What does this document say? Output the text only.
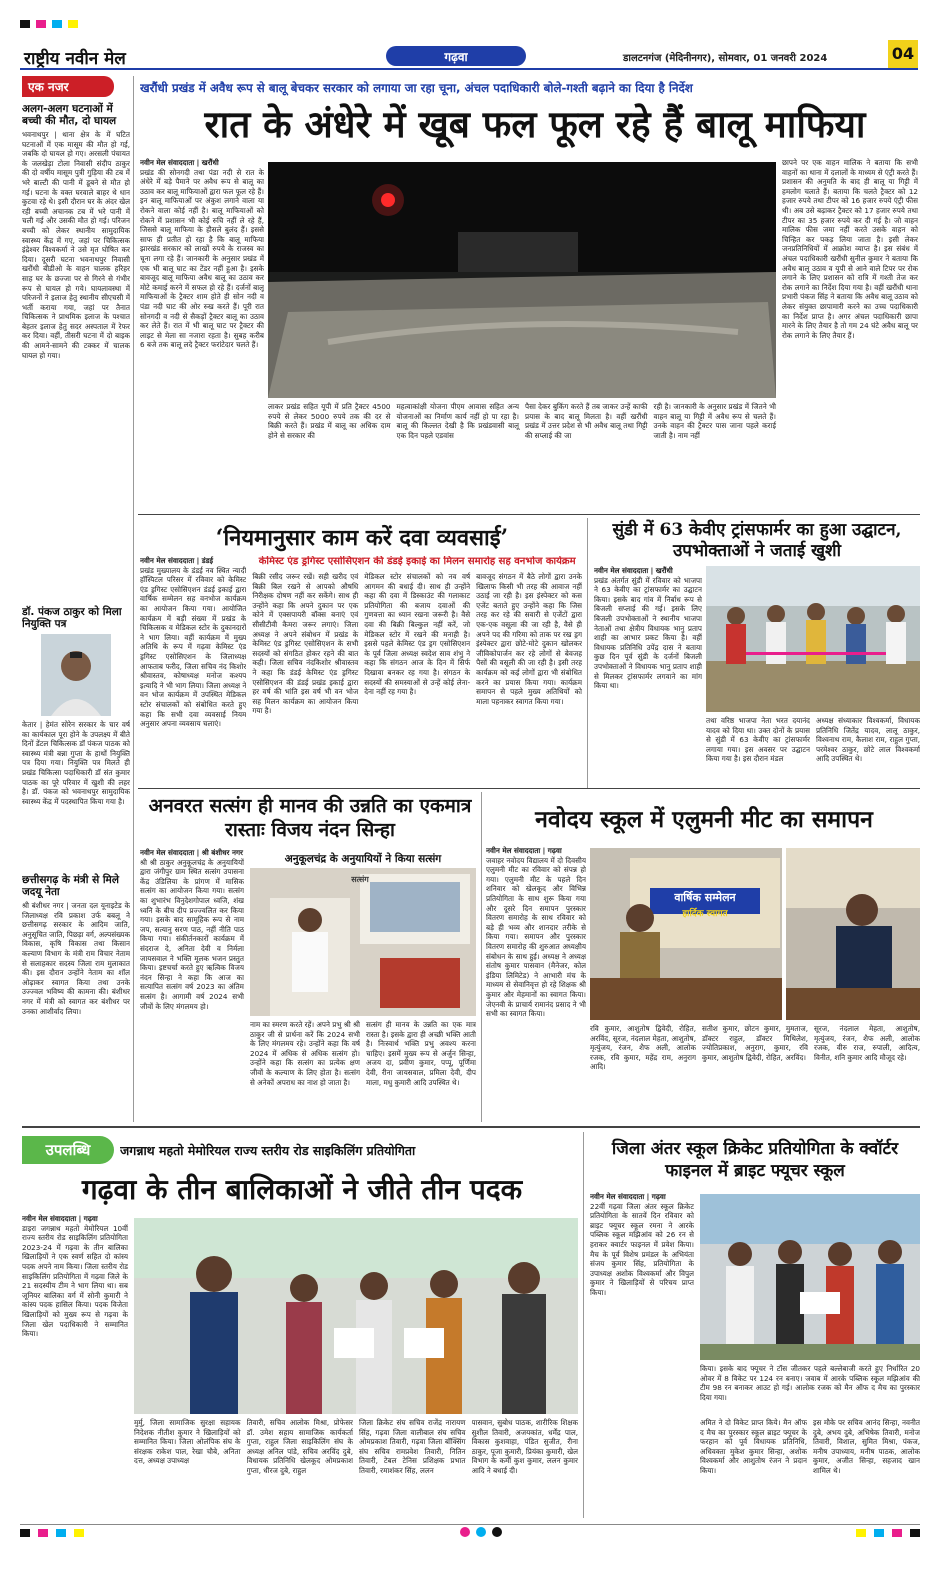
राष्ट्रीय नवीन मेल	गढ़वा	डालटनगंज (मेदिनीनगर), सोमवार, 01 जनवरी 2024	04
एक नजर
अलग-अलग घटनाओं में बच्ची की मौत, दो घायल
भवनाथपुर | थाना क्षेत्र के में घटित घटनाओं में एक मासूम की मौत हो गई, जबकि दो घायल हो गए। अरसली पंचायत के जलखेड़ा टोला निवासी संदीप ठाकुर की दो वर्षीय मासूम पुत्री गुड़िया की टब में भरे बाल्टी की पानी में डूबने से मौत हो गई। घटना के वक्त घरवाले बाहर थे धान कुटवा रहे थे। इसी दौरान घर के अंदर खेल रही बच्ची अचानक टब में भरे पानी में चली गई और उसकी मौत हो गई। परिजन बच्ची को लेकर स्थानीय सामुदायिक स्वास्थ्य केंद्र में गए, जहां पर चिकित्सक इंद्रेश्वर विश्वकर्मा ने उसे मृत घोषित कर दिया। दूसरी घटना भवनाथपुर निवासी खरौंधी बीडीओ के वाहन चालक हरिहर साह घर के छज्जा पर से गिरने से गंभीर रूप से घायल हो गये। घायलावस्था में परिजनों ने इलाज हेतु स्थानीय सीएचसी में भर्ती कराया गया, जहां पर तैनात चिकित्सक ने प्राथमिक इलाज के पश्चात बेहतर इलाज हेतु सदर अस्पताल में रेफर कर दिया। वहीं, तीसरी घटना में दो बाइक की आमने-सामने की टक्कर में चालक घायल हो गया।
डॉ. पंकज ठाकुर को मिला नियुक्ति पत्र
केतार | हेमंत सोरेन सरकार के चार वर्ष का कार्यकाल पूरा होने के उपलक्ष्य में बीते दिनों डेंटल चिकित्सक डॉ पंकज पाठक को स्वास्थ्य मंत्री बन्ना गुप्ता के हाथों नियुक्ति पत्र दिया गया। नियुक्ति पत्र मिलते ही प्रखंड चिकित्सा पदाधिकारी डॉ संत कुमार पाठक का पूरे परिवार में खुशी की लहर है। डॉ. पंकज को भवनाथपुर सामुदायिक स्वास्थ्य केंद्र में पदस्थापित किया गया है।
छत्तीसगढ़ के मंत्री से मिले जदयू नेता
श्री बंशीधर नगर | जनता दल यूनाइटेड के जिलाध्यक्ष रवि प्रकाश उर्फ बबलू ने छत्तीसगढ़ सरकार के आदिम जाति, अनुसूचित जाति, पिछड़ा वर्ग, अल्पसंख्यक विकास, कृषि विकास तथा किसान कल्याण विभाग के मंत्री राम विचार नेताम से सलाहकार सदस्य जिला राम मुलाकात की। इस दौरान उन्होंने नेताम का शॉल ओढ़ाकर स्वागत किया तथा उनके उज्ज्वल भविष्य की कामना की। बंशीधर नगर में मंत्री को स्वागत कर बंशीधर पर उनका आशीर्वाद लिया।
खरौंधी प्रखंड में अवैध रूप से बालू बेचकर सरकार को लगाया जा रहा चूना, अंचल पदाधिकारी बोले-गश्ती बढ़ाने का दिया है निर्देश
रात के अंधेरे में खूब फल फूल रहे हैं बालू माफिया
नवीन मेल संवाददाता | खरौंधी
प्रखंड की सोनगदी तथा पंडा नदी से रात के अंधेरे में बड़े पैमाने पर अवैध रूप से बालू का उठाव कर बालू माफियाओं द्वारा फल फूल रहे हैं। इन बालू माफियाओं पर अंकुश लगाने वाला या रोकने वाला कोई नहीं है। बालू माफियाओं को रोकने में प्रशासन भी कोई रुचि नहीं ले रहे हैं, जिससे बालू माफिया के हौसले बुलंद हैं। इससे साफ ही प्रतीत हो रहा है कि बालू माफिया झारखंड सरकार को लाखों रुपये के राजस्व का चूना लगा रहे हैं। जानकारी के अनुसार प्रखंड में एक भी बालू घाट का टेंडर नहीं हुआ है। इसके बावजूद बालू माफिया अवैध बालू का उठाव कर मोटे कमाई करने में सफल हो रहे हैं। दर्जनों बालू माफियाओं के ट्रैक्टर शाम होते ही सोन नदी व पंडा नदी घाट की ओर रुख करते हैं। पूरी रात सोनगदी व नदी से सैकड़ों ट्रैक्टर बालू का उठाव कर लेते हैं। रात में भी बालू घाट पर ट्रैक्टर की लाइट से मेला सा नजारा रहता है। सुबह करीब 6 बजे तक बालू लदे ट्रैक्टर फरांटेदार चलते हैं।
लाकर प्रखंड सहित यूपी में प्रति ट्रैक्टर 4500 रुपये से लेकर 5000 रुपये तक की दर से बिक्री करते हैं। प्रखंड में बालू का अधिक दाम होने से सरकार की
महत्वाकांक्षी योजना पीएम आवास सहित अन्य योजनाओं का निर्माण कार्य नहीं हो पा रहा है। बालू की किल्लत देखी है कि प्रखंडवासी बालू एक दिन पहले एडवांस
पैसा देकर बुकिंग करते हैं तब जाकर उन्हें काफी प्रयास के बाद बालू मिलता है। वहीं खरौंधी प्रखंड में उत्तर प्रदेश से भी अवैध बालू तथा गिट्टी की सप्लाई की जा
रही है। जानकारी के अनुसार प्रखंड में जितने भी वाहन बालू या गिट्टी में अवैध रूप से चलते हैं। उनके वाहन की ट्रैक्टर पास जाना पहले कराई जाती है। नाम नहीं
छापने पर एक वाहन मालिक ने बताया कि सभी वाहनों का थाना में दलालों के माध्यम से एंट्री करते हैं। प्रशासन की अनुमति के बाद ही बालू या गिट्टी में हमलोग चलाते हैं। बताया कि चलते ट्रैक्टर को 12 हजार रुपये तथा टीपर को 16 हजार रुपये एंट्री फीस थी। अब उसे बढ़ाकर ट्रैक्टर को 17 हजार रुपये तथा टीपर का 35 हजार रुपये कर दी गई है। जो वाहन मालिक फीस जमा नहीं करते उसके वाहन को चिन्हित कर पकड़ लिया जाता है। इसी लेकर जनप्रतिनिधियों में आक्रोश व्याप्त है। इस संबंध में अंचल पदाधिकारी खरौंधी सुनील कुमार ने बताया कि अवैध बालू उठाव व यूपी से आने वाले टिपर पर रोक लगाने के लिए प्रशासन को रात्रि में गश्ती तेज कर रोक लगाने का निर्देश दिया गया है। वहीं खरौंधी थाना प्रभारी पंकज सिंह ने बताया कि अवैध बालू उठाव को लेकर संयुक्त छापामारी करने का उच्च पदाधिकारी का निर्देश प्राप्त है। अगर अंचल पदाधिकारी छापा मारने के लिए तैयार है तो गम 24 घंटे अवैध बालू पर रोक लगाने के लिए तैयार हैं।
‘नियमानुसार काम करें दवा व्यवसाई’
नवीन मेल संवाददाता | डंडई
प्रखंड मुख्यालय के डंडई नव स्थित न्यादी हॉस्पिटल परिसर में रविवार को केमिस्ट एंड ड्रगिस्ट एसोसिएशन डंडई इकाई द्वारा वार्षिक सम्मेलन सह वनभोज कार्यक्रम का आयोजन किया गया। आयोजित कार्यक्रम में बड़ी संख्या में प्रखंड के चिकित्सक व मेडिकल स्टोर के दुकानदारों ने भाग लिया। वहीं कार्यक्रम में मुख्य अतिथि के रूप में गढ़वा केमिस्ट एंड ड्रगिस्ट एसोसिएशन के जिलाध्यक्ष आफताब फरीद, जिला सचिव नंद किशोर श्रीवास्तव, कोषाध्यक्ष मनोज कश्यप इत्यादि ने भी भाग लिया। जिला अध्यक्ष ने वन भोज कार्यक्रम में उपस्थित मेडिकल स्टोर संचालकों को संबोधित करते हुए कहा कि सभी दवा व्यवसाई नियम अनुसार अपना व्यवसाय चलाएं।
केमिस्ट एंड ड्रगिस्ट एसोसिएशन की डंडई इकाई का मिलन समारोह सह वनभोज कार्यक्रम
बिक्री रसीद जरूर रखें। सही खरीद एवं बिक्री बिल रखने से आपको औषधि निरीक्षक दोषण नहीं कर सकेंगे। साथ ही उन्होंने कहा कि अपने दुकान पर एक कोने में एक्सपायरी बॉक्स बनाएं एवं सीसीटीवी कैमरा जरूर लगाएं। जिला अध्यक्ष ने अपने संबोधन में प्रखंड के केमिस्ट एंड ड्रगिस्ट एसोसिएशन के सभी सदस्यों को संगठित होकर रहने की बात कही। जिला सचिव नंदकिशोर श्रीवास्तव ने कहा कि डंडई केमिस्ट एंड ड्रगिस्ट एसोसिएशन की डंडई प्रखंड इकाई द्वारा हर वर्ष की भांति इस वर्ष भी वन भोज सह मिलन कार्यक्रम का आयोजन किया गया है।
मेडिकल स्टोर संचालकों को नव वर्ष आगमन की बधाई दी। साथ ही उन्होंने कहा की दवा में डिस्काउंट की गलाकाट प्रतियोगिता की बजाय दवाओं की गुणवत्ता का ध्यान रखना जरूरी है। वैसे दवा की बिक्री बिल्कुल नहीं करें, जो मेडिकल स्टोर में रखने की मनाही है। इससे पहले केमिस्ट एंड ड्रग एसोसिएशन के पूर्व जिला अध्यक्ष स्वदेश साव शंभु ने कहा कि संगठन आज के दिन में सिर्फ दिखावा बनकर रह गया है। संगठन के सदस्यों की समस्याओं से उन्हें कोई लेना-देना नहीं रह गया है।
बावजूद संगठन में बैठे लोगों द्वारा उनके खिलाफ किसी भी तरह की आवाज नहीं उठाई जा रही है। इस इंस्पेक्टर को कस एजेंट बताते हुए उन्होंने कहा कि जिस तरह कर रहे की सवारी से एजेंटों द्वारा एक-एक वसूला की जा रही है, वैसे ही अपने पद की गरिमा को ताक पर रख ड्रग इंस्पेक्टर द्वारा छोटे-मोटे दुकान खोलकर जीविकोपार्जन कर रहे लोगों से बेवजह पैसों की वसूली की जा रही है। इसी तरह कार्यक्रम को कई लोगों द्वारा भी संबोधित करने का प्रयास किया गया। कार्यक्रम समापन से पहले मुख्य अतिथियों को माला पहनाकर स्वागत किया गया।
सुंडी में 63 केवीए ट्रांसफार्मर का हुआ उद्घाटन, उपभोक्ताओं ने जताई खुशी
नवीन मेल संवाददाता | खरौंधी
प्रखंड अंतर्गत सुंडी में रविवार को भाजपा ने 63 केवीए का ट्रांसफार्मर का उद्घाटन किया। इसके बाद गांव में निर्बाध रूप से बिजली सप्लाई की गई। इसके लिए बिजली उपभोक्ताओं ने स्थानीय भाजपा नेताओं तथा क्षेत्रीय विधायक भानु प्रताप शाही का आभार प्रकट किया है। वहीं विधायक प्रतिनिधि उपेंद्र दास ने बताया कुछ दिन पूर्व सुंडी के दर्जनों बिजली उपभोक्ताओं ने विधायक भानु प्रताप शाही से मिलकर ट्रांसफार्मर लगवाने का मांग किया था।
तथा वरिष्ठ भाजपा नेता भरत दयानंद यादव को दिया था। उक्त दोनों के प्रयास से सुंडी में 63 केवीए का ट्रांसफार्मर लगाया गया। इस अवसर पर उद्घाटन किया गया है। इस दौरान मंडल
अध्यक्ष संध्याकार विश्वकर्मा, विधायक प्रतिनिधि जितेंद्र यादव, लालू ठाकुर, विश्वनाथ राम, कैलाश राम, राहुल गुप्ता, परमेश्वर ठाकुर, छोटे लाल विश्वकर्मा आदि उपस्थित थे।
अनवरत सत्संग ही मानव की उन्नति का एकमात्र रास्ताः विजय नंदन सिन्हा
नवीन मेल संवाददाता | श्री बंशीधर नगर
श्री श्री ठाकुर अनुकूलचंद्र के अनुयायियों द्वारा जंगीपुर ग्राम स्थित सत्संग उपासना केंद्र उंडिलिया के प्रांगण में मासिक सत्संग का आयोजन किया गया। सत्संग का शुभारंभ विनुदेशगोपाल ध्वजि, शंख ध्वनि के बीच दीप प्रज्ज्वलित कर किया गया। इसके बाद सामूहिक रूप से नाम जप, सत्यानु सरण पाठ, नहीं नीति पाठ किया गया। संकीर्तनकारों कार्यक्रम में संदराज दे, अनिता देवी व निर्मला जायसवाल ने भक्ति मूलक भजन प्रस्तुत किया। इष्टचर्चा करते हुए ऋत्विक विजय नंदन सिन्हा ने कहा कि आज का सत्यापित सत्संग वर्ष 2023 का अंतिम सत्संग है। आगामी वर्ष 2024 सभी जीवों के लिए मंगलमय हो।
अनुकूलचंद्र के अनुयायियों ने किया सत्संग
सत्संग
नाम का स्मरण करते रहें। अपने प्रभु श्री श्री ठाकुर जी से प्रार्थना करें कि 2024 सभी के लिए मंगलमय रहे। उन्होंने कहा कि वर्ष 2024 में अधिक से अधिक सत्संग हो। उन्होंने कहा कि सत्संग का प्रत्येक क्षण जीवों के कल्याण के लिए होता है। सत्संग से अनेकों अपराध का नाश हो जाता है।
सत्संग ही मानव के उन्नति का एक मात्र रास्ता है। इसके द्वारा ही अच्छी भक्ति आती है। निःस्वार्थ भक्ति प्रभु अवश्य करना चाहिए। इसमें मुख्य रूप से अर्जुन सिन्हा, अजय दा, प्रवीण कुमार, पप्पू, पूर्णिमा देवी, रीना जायसवाल, प्रमिला देवी, दीप माला, मधु कुमारी आदि उपस्थित थे।
नवोदय स्कूल में एलुमनी मीट का समापन
नवीन मेल संवाददाता | गढ़वा
जवाहर नवोदय विद्यालय में दो दिवसीय एलुमनी मीट का रविवार को संपन्न हो गया। एलुमनी मीट के पहले दिन शनिवार को खेलकूद और विभिन्न प्रतियोगिता के साथ शुरू किया गया और दूसरे दिन समापन पुरस्कार वितरण समारोह के साथ रविवार को बड़े ही भव्य और शानदार तरीके से किया गया। समापन और पुरस्कार वितरण समारोह की शुरुआत अध्यक्षीय संबोधन के साथ हुई। अध्यक्ष ने अध्यक्ष संतोष कुमार पासवान (मैनेजर, कोल इंडिया लिमिटेड) ने आभारी मंच के माध्यम से सेवानिवृत्त हो रहे शिक्षक श्री कुमार और मेहमानों का स्वागत किया। जेएनवी के प्राचार्य रामानंद प्रसाद ने भी सभी का स्वागत किया।
वार्षिक सम्मेलन
हार्दिक स्वागत
रवि कुमार, आशुतोष द्विवेदी, रोहित, अरविंद, सूरज, नंदलाल मेहता, आशुतोष, मृत्युंजय, रंजन, शैफ अली, आलोक रजक, रवि कुमार, महेंद्र राम, अनुराग आदि।
सतीश कुमार, छोटन कुमार, मुमताज, डॉक्टर राहुल, डॉक्टर मिथिलेश, ज्योतिप्रकाश, अनुराग, कुमार, रवि कुमार, आशुतोष द्विवेदी, रोहित, अरविंद।
सूरज, नंदलाल मेहता, आशुतोष, मृत्युंजय, रंजन, शैफ अली, आलोक रजक, वीरु राज, रुपाली, आदित्य, विनीत, शनि कुमार आदि मौजूद रहे।
उपलब्धि	जगन्नाथ महतो मेमोरियल राज्य स्तरीय रोड साइकिलिंग प्रतियोगिता
गढ़वा के तीन बालिकाओं ने जीते तीन पदक
नवीन मेल संवाददाता | गढ़वा
डाइरा जगन्नाथ महतो मेमोरियल 10वीं राज्य स्तरीय रोड साइकिलिंग प्रतियोगिता 2023-24 में गढ़वा के तीन बालिका खिलाड़ियों ने एक स्वर्ण सहित दो कांस्य पदक अपने नाम किया। जिला स्तरीय रोड साइकिलिंग प्रतियोगिता में गढ़वा जिले के 21 सदस्यीय टीम ने भाग लिया था। सब जूनियर बालिका वर्ग में सोनी कुमारी ने कांस्य पदक हासिल किया। पदक विजेता खिलाड़ियों को मुख्य रूप से गढ़वा के जिला खेल पदाधिकारी ने सम्मानित किया।
मुर्मु, जिला सामाजिक सुरक्षा सहायक निदेशक नीतीश कुमार ने खिलाड़ियों को सम्मानित किया। जिला ओलंपिक संघ के संरक्षक राकेश पाल, रेखा चौबे, अनिता दत्त, अध्यक्ष उपाध्यक्ष
तिवारी, सचिव आलोक मिश्रा, प्रोफेसर डॉ. उमेश सहाय सामाजिक कार्यकर्ता गुप्ता, राहुल जिला साइकिलिंग संघ के अध्यक्ष अनिल पांडे, सचिव अरविंद दुबे, विधायक प्रतिनिधि खेलकूद ओमप्रकाश गुप्ता, धीरज दुबे, राहुल
जिला क्रिकेट संघ सचिव राजेंद्र नारायण सिंह, गढ़वा जिला वालीबाल संघ सचिव ओमप्रकाश तिवारी, गढ़वा जिला बॉक्सिंग संघ सचिव रामप्रवेश तिवारी, नितिन तिवारी, टेबल टेनिस प्रशिक्षक प्रभात तिवारी, रमाशंकर सिंह, ललन
पासवान, सुबोध पाठक, शारीरिक शिक्षक सुशील तिवारी, अजयकांत, धर्मेंद्र पाल, विकास कुशवाहा, पंडित सुजीत, रीना ठाकुर, पूजा कुमारी, प्रियंका कुमारी, खेल विभाग के कर्मी कुश कुमार, ललन कुमार आदि ने बधाई दी।
जिला अंतर स्कूल क्रिकेट प्रतियोगिता के क्वॉर्टर फाइनल में ब्राइट फ्यूचर स्कूल
नवीन मेल संवाददाता | गढ़वा
22वीं गढ़वा जिला अंतर स्कूल क्रिकेट प्रतियोगिता के सातवें दिन रविवार को ब्राइट फ्यूचर स्कूल रमना ने आरके पब्लिक स्कूल मझिआंव को 26 रन से हराकर क्वार्टर फाइनल में प्रवेश किया। मैच के पूर्व विशेष प्रमंडल के अभियंता संजय कुमार सिंह, प्रतियोगिता के उपाध्यक्ष अशोक विश्वकर्मा और विपुल कुमार ने खिलाड़ियों से परिचय प्राप्त किया।
किया। इसके बाद फ्यूचर ने टॉस जीतकर पहले बल्लेबाजी करते हुए निर्धारित 20 ओवर में 8 विकेट पर 124 रन बनाए। जवाब में आरके पब्लिक स्कूल मझिआंव की टीम 98 रन बनाकर आउट हो गई। आलोक रजक को मैन ऑफ द मैच का पुरस्कार दिया गया।
अमित ने दो विकेट प्राप्त किये। मैन ऑफ द मैच का पुरस्कार स्कूल ब्राइट फ्यूचर के फरहान को पूर्व विधायक प्रतिनिधि, अधिवक्ता मुकेश कुमार सिन्हा, अशोक विश्वकर्मा और आशुतोष रंजन ने प्रदान किया।
इस मौके पर सचिव आनंद सिन्हा, नवनीत दुबे, अभय दुबे, अभिषेक तिवारी, मनोज तिवारी, विशाल, सुमित मिश्रा, पंकज, मनीष उपाध्याय, मनीष पाठक, आलोक कुमार, अजीत सिन्हा, सहजाद खान शामिल थे।
